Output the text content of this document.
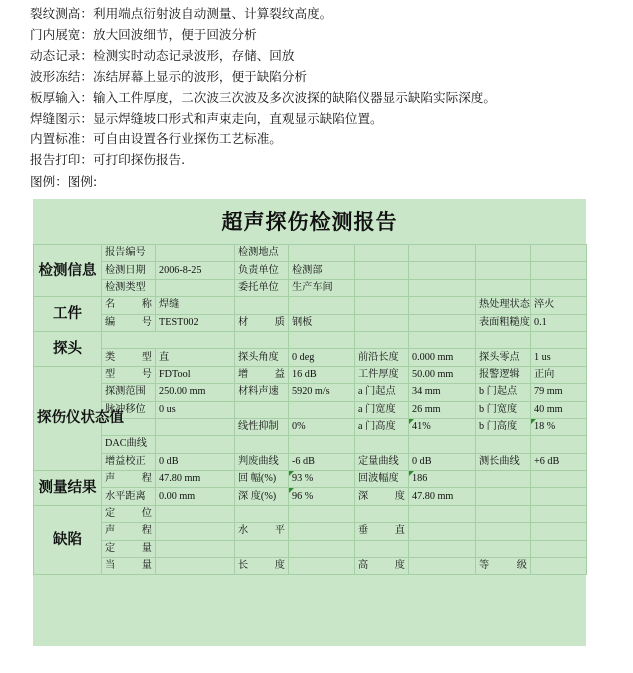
裂纹测高：利用端点衍射波自动测量、计算裂纹高度。
门内展宽：放大回波细节，便于回波分析
动态记录：检测实时动态记录波形，存储、回放
波形冻结：冻结屏幕上显示的波形，便于缺陷分析
板厚输入：输入工件厚度，二次波三次波及多次波探的缺陷仪器显示缺陷实际深度。
焊缝图示：显示焊缝坡口形式和声束走向，直观显示缺陷位置。
内置标准：可自由设置各行业探伤工艺标准。
报告打印：可打印探伤报告.
图例：图例:
超声探伤检测报告
检测信息	报告编号		检测地点					
	检测日期	2006-8-25	负责单位	检测部				
	检测类型		委托单位	生产车间				
工件	名　称	焊缝					热处理状态	淬火
	编　号	TEST002	材　质	钢板			表面粗糙度	0.1
探头								
	类　型	直	探头角度	0 deg	前沿长度	0.000 mm	探头零点	1 us
探伤仪状态值	型　号	FDTool	增　益	16 dB	工件厚度	50.00 mm	报警逻辑	正向
	探测范围	250.00 mm	材料声速	5920 m/s	a 门起点	34 mm	b 门起点	79 mm
	脉冲移位	0 us			a 门宽度	26 mm	b 门宽度	40 mm
			线性抑制	0%	a 门高度	41%	b 门高度	18 %
	DAC曲线							
	增益校正	0 dB	判废曲线	-6 dB	定量曲线	0 dB	测长曲线	+6 dB
测量结果	声　程	47.80 mm	回 幅(%)	93 %	回波幅度	186		
	水平距离	0.00 mm	深 度(%)	96 %	深　度	47.80 mm		
缺陷	定　位							
	声　程		水　平		垂　直			
	定　量							
	当　量		长　度		高　度		等　级	
